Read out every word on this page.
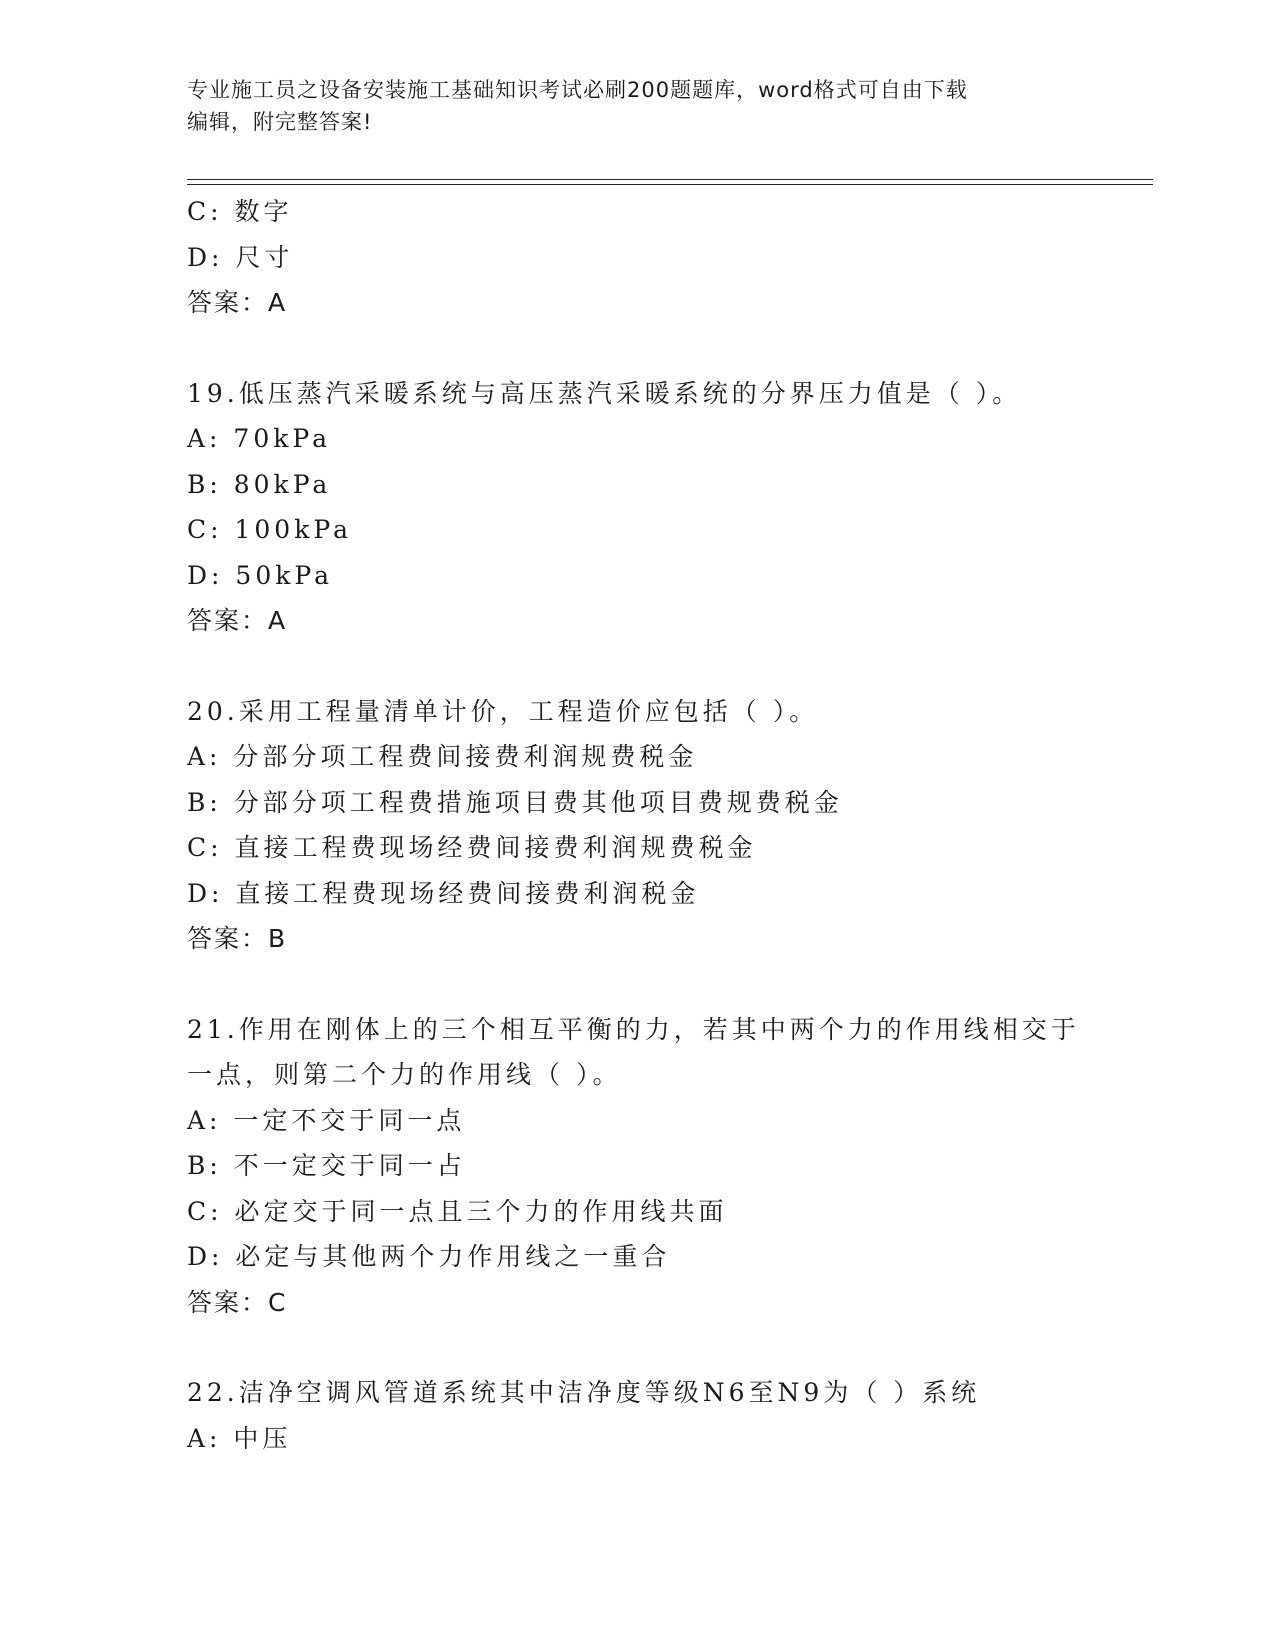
专业施工员之设备安装施工基础知识考试必刷200题题库，word格式可自由下载
编辑，附完整答案!
C: 数字
D: 尺寸
答案：A
19.低压蒸汽采暖系统与高压蒸汽采暖系统的分界压力值是（ ）。
A: 70kPa
B: 80kPa
C: 100kPa
D: 50kPa
答案：A
20.采用工程量清单计价，工程造价应包括（ ）。
A: 分部分项工程费间接费利润规费税金
B: 分部分项工程费措施项目费其他项目费规费税金
C: 直接工程费现场经费间接费利润规费税金
D: 直接工程费现场经费间接费利润税金
答案：B
21.作用在刚体上的三个相互平衡的力，若其中两个力的作用线相交于
一点，则第二个力的作用线（ ）。
A: 一定不交于同一点
B: 不一定交于同一占
C: 必定交于同一点且三个力的作用线共面
D: 必定与其他两个力作用线之一重合
答案：C
22.洁净空调风管道系统其中洁净度等级N6至N9为（ ）系统
A: 中压
